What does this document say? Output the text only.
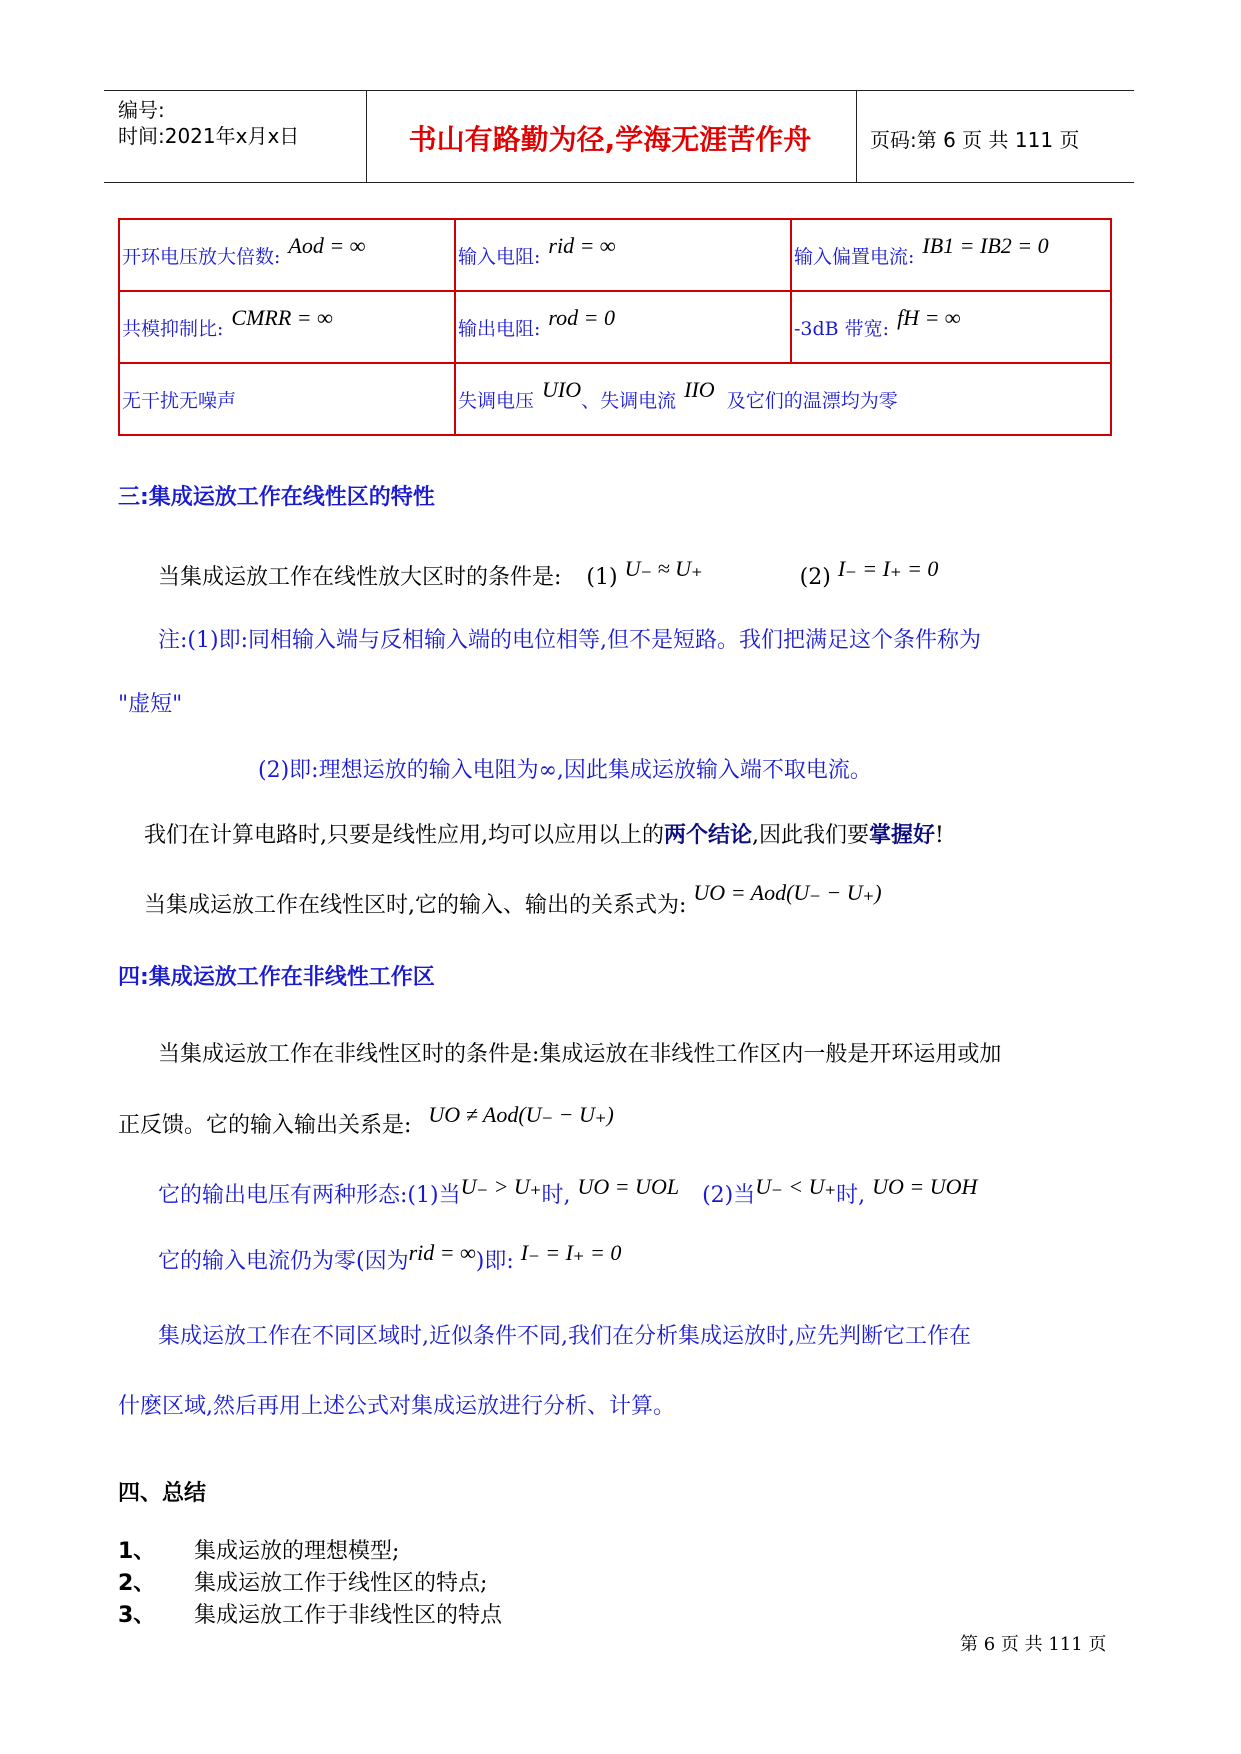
编号:
时间:2021年x月x日	书山有路勤为径,学海无涯苦作舟	页码:第 6 页 共 111 页
开环电压放大倍数: Aod = ∞	输入电阻: rid = ∞	输入偏置电流: IB1 = IB2 = 0
共模抑制比: CMRR = ∞	输出电阻: rod = 0	-3dB 带宽: fH = ∞
无干扰无噪声	失调电压 UIO、失调电流 IIO 及它们的温漂均为零	
三:集成运放工作在线性区的特性
当集成运放工作在线性放大区时的条件是: (1) U₋ ≈ U₊	(2) I₋ = I₊ = 0
注:(1)即:同相输入端与反相输入端的电位相等,但不是短路。我们把满足这个条件称为
"虚短"
(2)即:理想运放的输入电阻为∞,因此集成运放输入端不取电流。
我们在计算电路时,只要是线性应用,均可以应用以上的两个结论,因此我们要掌握好!
当集成运放工作在线性区时,它的输入、输出的关系式为: UO = Aod(U₋ − U₊)
四:集成运放工作在非线性工作区
当集成运放工作在非线性区时的条件是:集成运放在非线性工作区内一般是开环运用或加
正反馈。它的输入输出关系是: UO ≠ Aod(U₋ − U₊)
它的输出电压有两种形态:(1)当U₋ > U₊时, UO = UOL (2)当U₋ < U₊时, UO = UOH
它的输入电流仍为零(因为rid = ∞)即: I₋ = I₊ = 0
集成运放工作在不同区域时,近似条件不同,我们在分析集成运放时,应先判断它工作在
什麽区域,然后再用上述公式对集成运放进行分析、计算。
四、总结
1、 集成运放的理想模型;
2、 集成运放工作于线性区的特点;
3、 集成运放工作于非线性区的特点
第 6 页 共 111 页
